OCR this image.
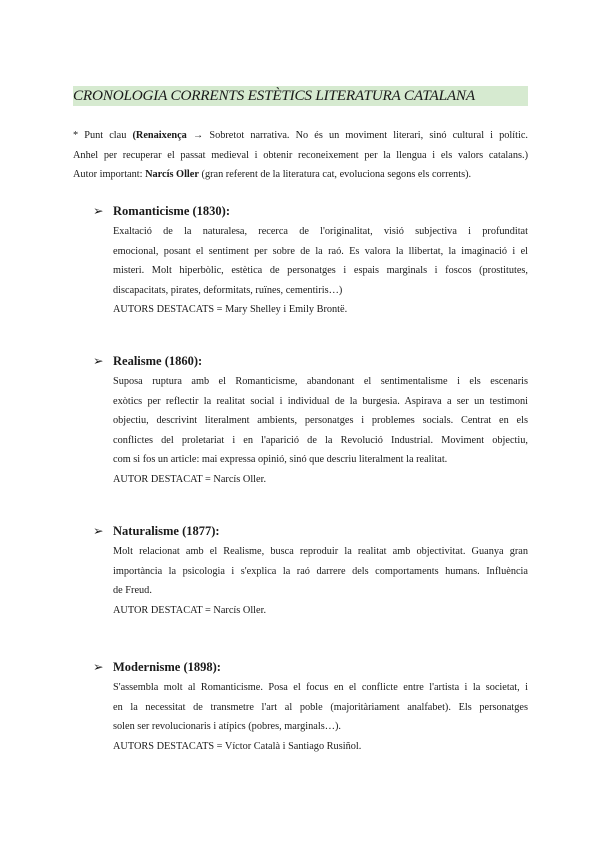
CRONOLOGIA CORRENTS ESTÈTICS LITERATURA CATALANA
* Punt clau (Renaixença → Sobretot narrativa. No és un moviment literari, sinó cultural i polític.
Anhel per recuperar el passat medieval i obtenir reconeixement per la llengua i els valors catalans.)
Autor important: Narcís Oller (gran referent de la literatura cat, evoluciona segons els corrents).
➢ Romanticisme (1830):
Exaltació de la naturalesa, recerca de l'originalitat, visió subjectiva i profunditat
emocional, posant el sentiment per sobre de la raó. Es valora la llibertat, la imaginació i el
misteri. Molt hiperbòlic, estètica de personatges i espais marginals i foscos (prostitutes,
discapacitats, pirates, deformitats, ruïnes, cementiris…)
AUTORS DESTACATS = Mary Shelley i Emily Brontë.
➢ Realisme (1860):
Suposa ruptura amb el Romanticisme, abandonant el sentimentalisme i els escenaris
exòtics per reflectir la realitat social i individual de la burgesia. Aspirava a ser un testimoni
objectiu, descrivint literalment ambients, personatges i problemes socials. Centrat en els
conflictes del proletariat i en l'aparició de la Revolució Industrial. Moviment objectiu,
com si fos un article: mai expressa opinió, sinó que descriu literalment la realitat.
AUTOR DESTACAT = Narcís Oller.
➢ Naturalisme (1877):
Molt relacionat amb el Realisme, busca reproduir la realitat amb objectivitat. Guanya gran
importància la psicologia i s'explica la raó darrere dels comportaments humans. Influència
de Freud.
AUTOR DESTACAT = Narcís Oller.
➢ Modernisme (1898):
S'assembla molt al Romanticisme. Posa el focus en el conflicte entre l'artista i la societat, i
en la necessitat de transmetre l'art al poble (majoritàriament analfabet). Els personatges
solen ser revolucionaris i atípics (pobres, marginals…).
AUTORS DESTACATS = Víctor Català i Santiago Rusiñol.
